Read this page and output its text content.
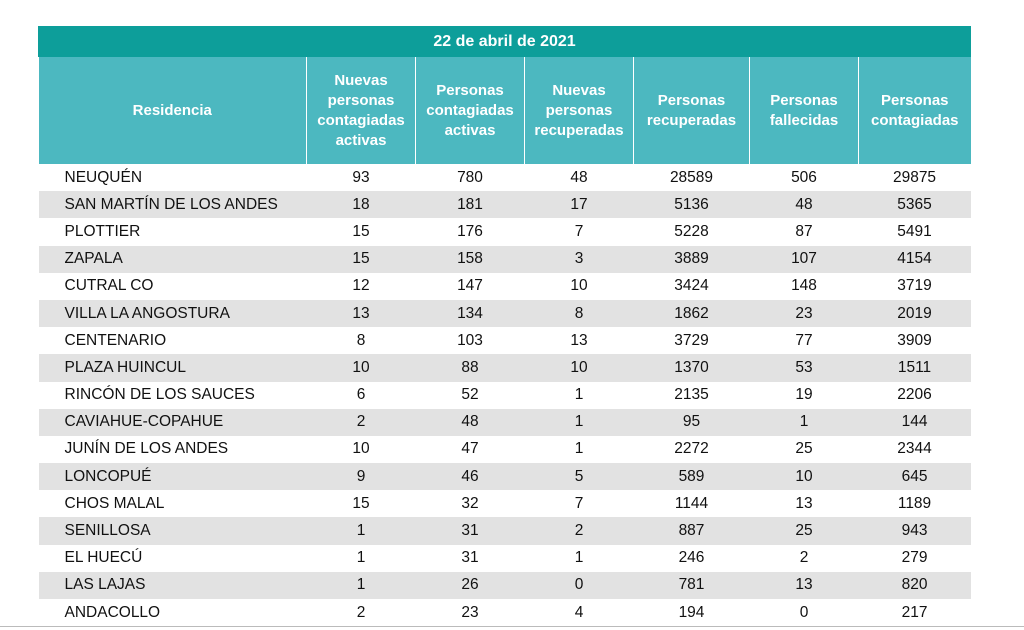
22 de abril de 2021						
Residencia	Nuevas personas contagiadas activas	Personas contagiadas activas	Nuevas personas recuperadas	Personas recuperadas	Personas fallecidas	Personas contagiadas
NEUQUÉN	93	780	48	28589	506	29875
SAN MARTÍN DE LOS ANDES	18	181	17	5136	48	5365
PLOTTIER	15	176	7	5228	87	5491
ZAPALA	15	158	3	3889	107	4154
CUTRAL CO	12	147	10	3424	148	3719
VILLA LA ANGOSTURA	13	134	8	1862	23	2019
CENTENARIO	8	103	13	3729	77	3909
PLAZA HUINCUL	10	88	10	1370	53	1511
RINCÓN DE LOS SAUCES	6	52	1	2135	19	2206
CAVIAHUE-COPAHUE	2	48	1	95	1	144
JUNÍN DE LOS ANDES	10	47	1	2272	25	2344
LONCOPUÉ	9	46	5	589	10	645
CHOS MALAL	15	32	7	1144	13	1189
SENILLOSA	1	31	2	887	25	943
EL HUECÚ	1	31	1	246	2	279
LAS LAJAS	1	26	0	781	13	820
ANDACOLLO	2	23	4	194	0	217
